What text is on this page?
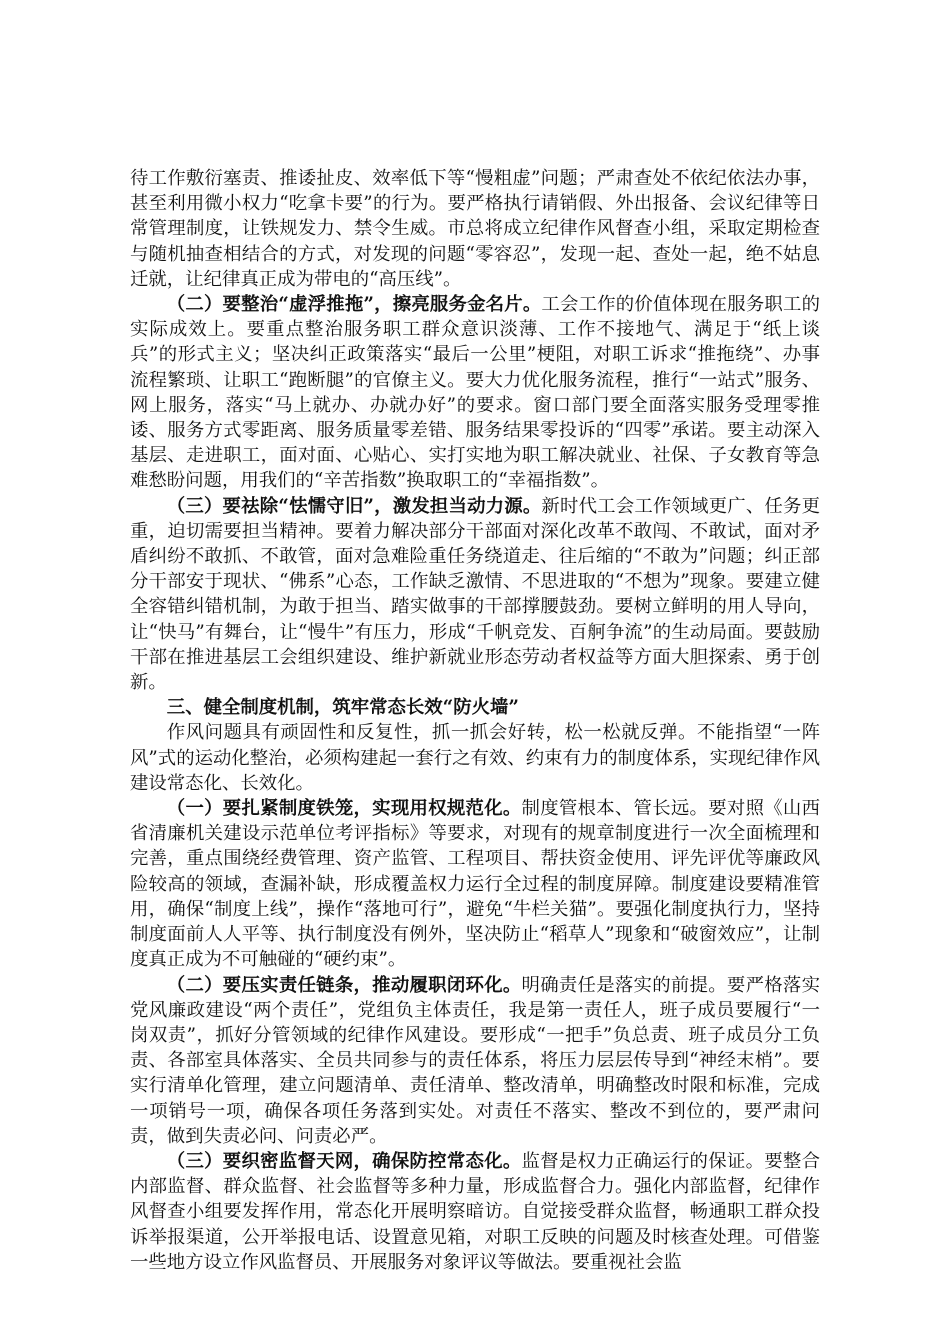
待工作敷衍塞责、推诿扯皮、效率低下等“慢粗虚”问题；严肃查处不依纪依法办事，甚至利用微小权力“吃拿卡要”的行为。要严格执行请销假、外出报备、会议纪律等日常管理制度，让铁规发力、禁令生威。市总将成立纪律作风督查小组，采取定期检查与随机抽查相结合的方式，对发现的问题“零容忍”，发现一起、查处一起，绝不姑息迁就，让纪律真正成为带电的“高压线”。

（二）要整治“虚浮推拖”，擦亮服务金名片。工会工作的价值体现在服务职工的实际成效上。要重点整治服务职工群众意识淡薄、工作不接地气、满足于“纸上谈兵”的形式主义；坚决纠正政策落实“最后一公里”梗阻，对职工诉求“推拖绕”、办事流程繁琐、让职工“跑断腿”的官僚主义。要大力优化服务流程，推行“一站式”服务、网上服务，落实“马上就办、办就办好”的要求。窗口部门要全面落实服务受理零推诿、服务方式零距离、服务质量零差错、服务结果零投诉的“四零”承诺。要主动深入基层、走进职工，面对面、心贴心、实打实地为职工解决就业、社保、子女教育等急难愁盼问题，用我们的“辛苦指数”换取职工的“幸福指数”。

（三）要祛除“怯懦守旧”，激发担当动力源。新时代工会工作领域更广、任务更重，迫切需要担当精神。要着力解决部分干部面对深化改革不敢闯、不敢试，面对矛盾纠纷不敢抓、不敢管，面对急难险重任务绕道走、往后缩的“不敢为”问题；纠正部分干部安于现状、“佛系”心态，工作缺乏激情、不思进取的“不想为”现象。要建立健全容错纠错机制，为敢于担当、踏实做事的干部撑腰鼓劲。要树立鲜明的用人导向，让“快马”有舞台，让“慢牛”有压力，形成“千帆竞发、百舸争流”的生动局面。要鼓励干部在推进基层工会组织建设、维护新就业形态劳动者权益等方面大胆探索、勇于创新。

三、健全制度机制，筑牢常态长效“防火墙”

作风问题具有顽固性和反复性，抓一抓会好转，松一松就反弹。不能指望“一阵风”式的运动化整治，必须构建起一套行之有效、约束有力的制度体系，实现纪律作风建设常态化、长效化。

（一）要扎紧制度铁笼，实现用权规范化。制度管根本、管长远。要对照《山西省清廉机关建设示范单位考评指标》等要求，对现有的规章制度进行一次全面梳理和完善，重点围绕经费管理、资产监管、工程项目、帮扶资金使用、评先评优等廉政风险较高的领域，查漏补缺，形成覆盖权力运行全过程的制度屏障。制度建设要精准管用，确保“制度上线”，操作“落地可行”，避免“牛栏关猫”。要强化制度执行力，坚持制度面前人人平等、执行制度没有例外，坚决防止“稻草人”现象和“破窗效应”，让制度真正成为不可触碰的“硬约束”。

（二）要压实责任链条，推动履职闭环化。明确责任是落实的前提。要严格落实党风廉政建设“两个责任”，党组负主体责任，我是第一责任人，班子成员要履行“一岗双责”，抓好分管领域的纪律作风建设。要形成“一把手”负总责、班子成员分工负责、各部室具体落实、全员共同参与的责任体系，将压力层层传导到“神经末梢”。要实行清单化管理，建立问题清单、责任清单、整改清单，明确整改时限和标准，完成一项销号一项，确保各项任务落到实处。对责任不落实、整改不到位的，要严肃问责，做到失责必问、问责必严。

（三）要织密监督天网，确保防控常态化。监督是权力正确运行的保证。要整合内部监督、群众监督、社会监督等多种力量，形成监督合力。强化内部监督，纪律作风督查小组要发挥作用，常态化开展明察暗访。自觉接受群众监督，畅通职工群众投诉举报渠道，公开举报电话、设置意见箱，对职工反映的问题及时核查处理。可借鉴一些地方设立作风监督员、开展服务对象评议等做法。要重视社会监
